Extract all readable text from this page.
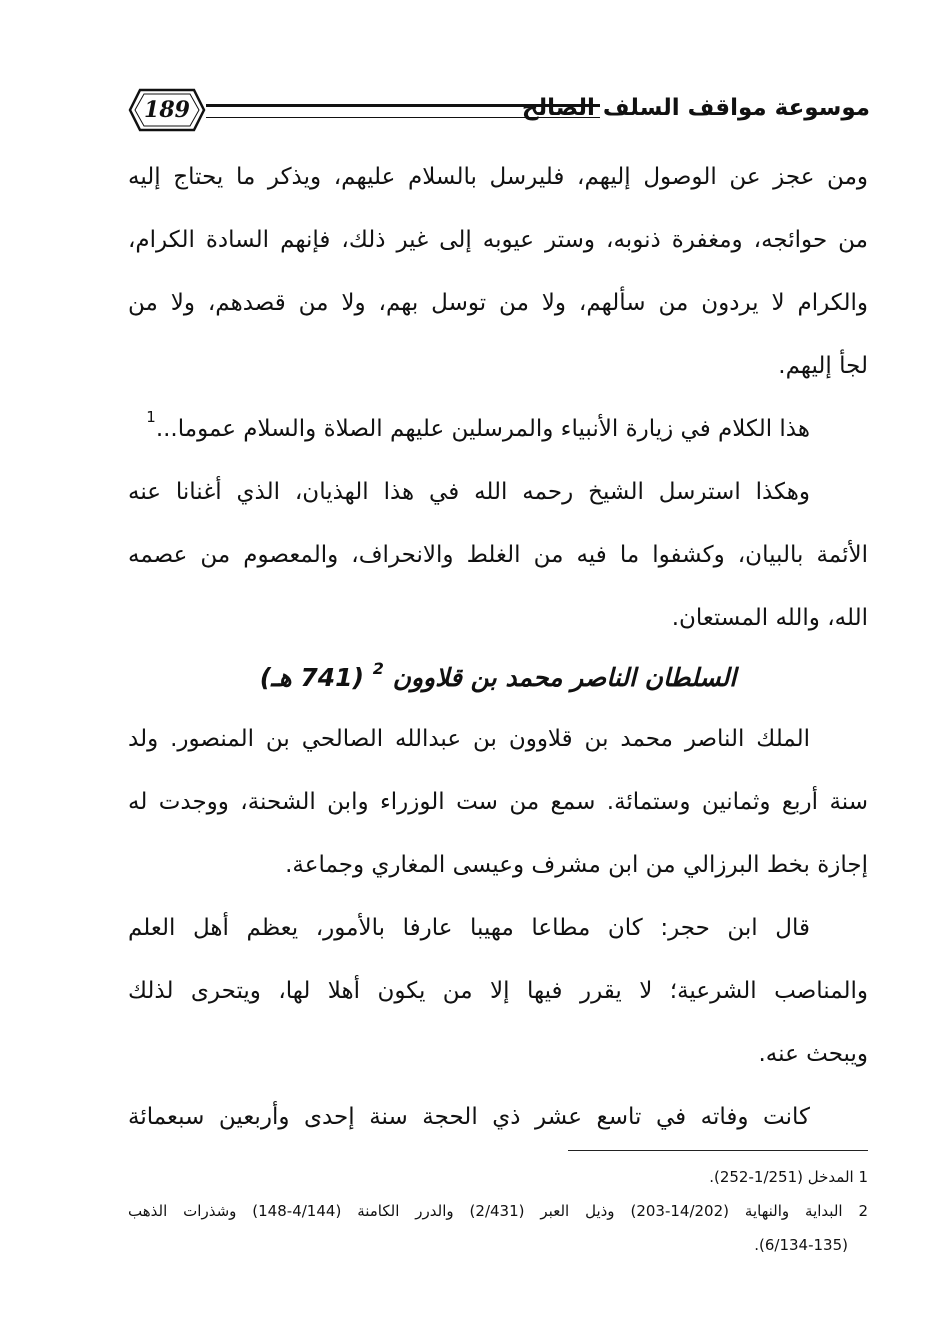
189	موسوعة مواقف السلف الصالح
ومن عجز عن الوصول إليهم، فليرسل بالسلام عليهم، ويذكر ما يحتاج إليه
من حوائجه، ومغفرة ذنوبه، وستر عيوبه إلى غير ذلك، فإنهم السادة الكرام،
والكرام لا يردون من سألهم، ولا من توسل بهم، ولا من قصدهم، ولا من
لجأ إليهم.
هذا الكلام في زيارة الأنبياء والمرسلين عليهم الصلاة والسلام عموما...$^1$
وهكذا استرسل الشيخ رحمه الله في هذا الهذيان، الذي أغنانا عنه
الأئمة بالبيان، وكشفوا ما فيه من الغلط والانحراف، والمعصوم من عصمه
الله، والله المستعان.
السلطان الناصر محمد بن قلاوون $^2$ (741 هـ)
الملك الناصر محمد بن قلاوون بن عبدالله الصالحي بن المنصور. ولد
سنة أربع وثمانين وستمائة. سمع من ست الوزراء وابن الشحنة، ووجدت له
إجازة بخط البرزالي من ابن مشرف وعيسى المغاري وجماعة.
قال ابن حجر: كان مطاعا مهيبا عارفا بالأمور، يعظم أهل العلم
والمناصب الشرعية؛ لا يقرر فيها إلا من يكون أهلا لها، ويتحرى لذلك
ويبحث عنه.
كانت وفاته في تاسع عشر ذي الحجة سنة إحدى وأربعين سبعمائة
1 المدخل (1/251-252).
2 البداية والنهاية (14/202-203) وذيل العبر (2/431) والدرر الكامنة (4/144-148) وشذرات الذهب
(6/134-135).
